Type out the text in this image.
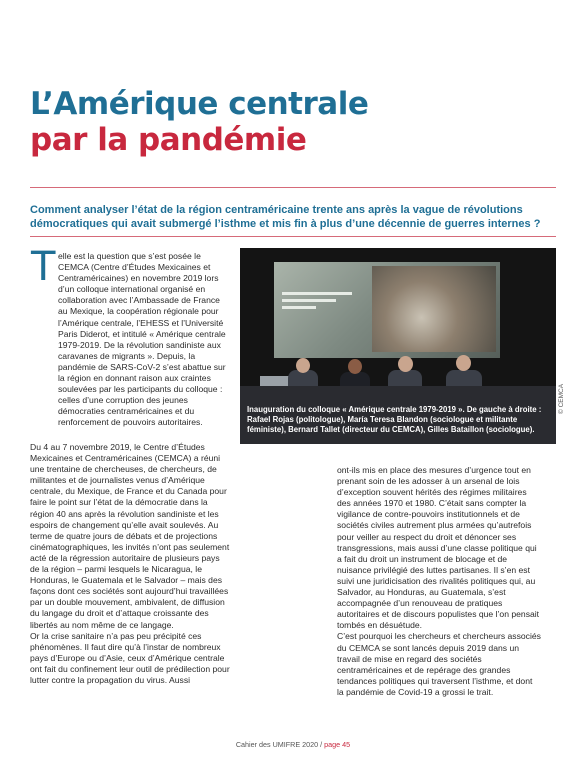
L’Amérique centrale
par la pandémie

Comment analyser l’état de la région centraméricaine trente ans après la vague de révolutions démocratiques qui avait submergé l’isthme et mis fin à plus d’une décennie de guerres internes ?

T elle est la question que s’est posée le CEMCA (Centre d’Études Mexicaines et Centraméricaines) en novembre 2019 lors d’un colloque international organisé en collaboration avec l’Ambassade de France au Mexique, la coopération régionale pour l’Amérique centrale, l’EHESS et l’Université Paris Diderot, et intitulé « Amérique centrale 1979-2019. De la révolution sandiniste aux caravanes de migrants ». Depuis, la pandémie de SARS-CoV-2 s’est abattue sur la région en donnant raison aux craintes soulevées par les participants du colloque : celles d’une corruption des jeunes démocraties centraméricaines et du renforcement de pouvoirs autoritaires.

Du 4 au 7 novembre 2019, le Centre d’Études Mexicaines et Centraméricaines (CEMCA) a réuni une trentaine de chercheuses, de chercheurs, de militantes et de journalistes venus d’Amérique centrale, du Mexique, de France et du Canada pour faire le point sur l’état de la démocratie dans la région 40 ans après la révolution sandiniste et les espoirs de changement qu’elle avait soulevés. Au terme de quatre jours de débats et de projections cinématographiques, les invités n’ont pas seulement acté de la régression autoritaire de plusieurs pays de la région – parmi lesquels le Nicaragua, le Honduras, le Guatemala et le Salvador – mais des façons dont ces sociétés sont aujourd’hui travaillées par un double mouvement, ambivalent, de diffusion du langage du droit et d’attaque croissante des libertés au nom même de ce langage.

Or la crise sanitaire n’a pas peu précipité ces phénomènes. Il faut dire qu’à l’instar de nombreux pays d’Europe ou d’Asie, ceux d’Amérique centrale ont fait du confinement leur outil de prédilection pour lutter contre la propagation du virus. Aussi

Inauguration du colloque « Amérique centrale 1979-2019 ». De gauche à droite : Rafael Rojas (politologue), María Teresa Blandon (sociologue et militante féministe), Bernard Tallet (directeur du CEMCA), Gilles Bataillon (sociologue).

© CEMCA

ont-ils mis en place des mesures d’urgence tout en prenant soin de les adosser à un arsenal de lois d’exception souvent hérités des régimes militaires des années 1970 et 1980. C’était sans compter la vigilance de contre-pouvoirs institutionnels et de sociétés civiles autrement plus armées qu’autrefois pour veiller au respect du droit et dénoncer ses transgressions, mais aussi d’une classe politique qui a fait du droit un instrument de blocage et de nuisance privilégié des luttes partisanes. Il s’en est suivi une juridicisation des rivalités politiques qui, au Salvador, au Honduras, au Guatemala, s’est accompagnée d’un renouveau de pratiques autoritaires et de discours populistes que l’on pensait tombés en désuétude.

C’est pourquoi les chercheurs et chercheurs associés du CEMCA se sont lancés depuis 2019 dans un travail de mise en regard des sociétés centraméricaines et de repérage des grandes tendances politiques qui traversent l’isthme, et dont la pandémie de Covid-19 a grossi le trait.

Cahier des UMIFRE 2020 / page 45
